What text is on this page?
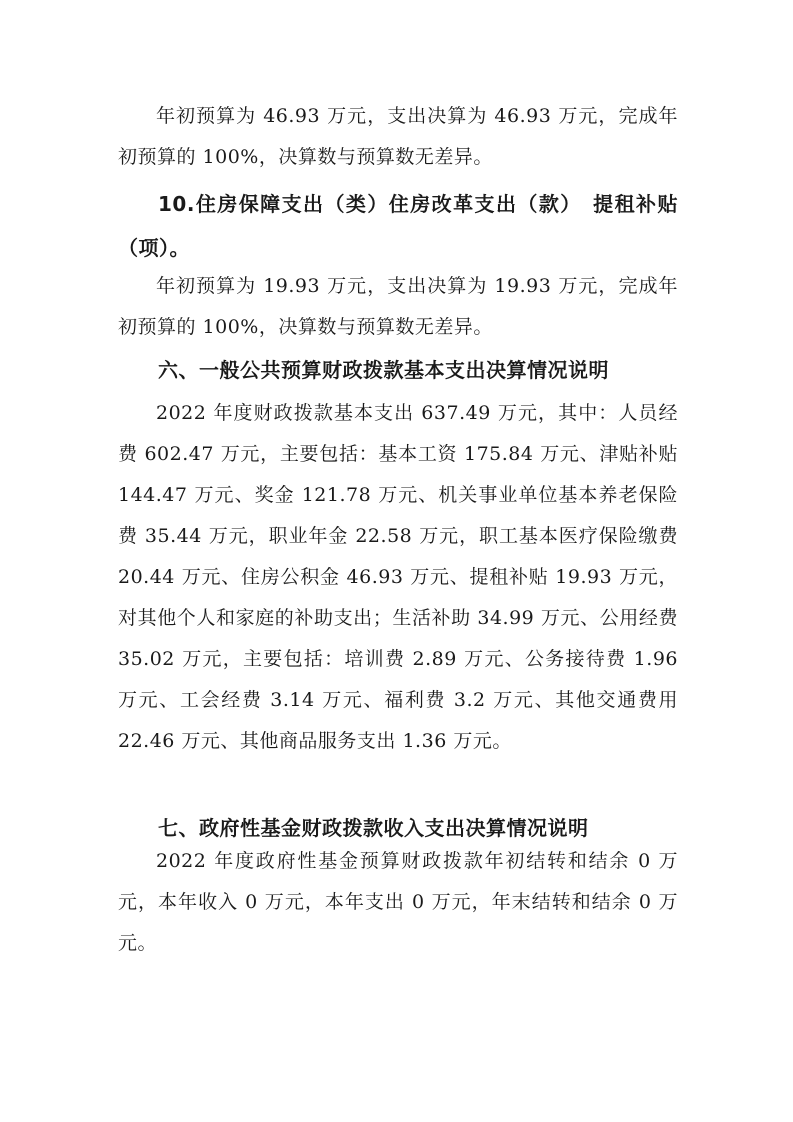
年初预算为 46.93 万元，支出决算为 46.93 万元，完成年初预算的 100%，决算数与预算数无差异。

10.住房保障支出（类）住房改革支出（款）　提租补贴（项）。

年初预算为 19.93 万元，支出决算为 19.93 万元，完成年初预算的 100%，决算数与预算数无差异。

六、一般公共预算财政拨款基本支出决算情况说明

2022 年度财政拨款基本支出 637.49 万元，其中：人员经费 602.47 万元，主要包括：基本工资 175.84 万元、津贴补贴 144.47 万元、奖金 121.78 万元、机关事业单位基本养老保险费 35.44 万元，职业年金 22.58 万元，职工基本医疗保险缴费 20.44 万元、住房公积金 46.93 万元、提租补贴 19.93 万元，对其他个人和家庭的补助支出；生活补助 34.99 万元、公用经费 35.02 万元，主要包括：培训费 2.89 万元、公务接待费 1.96 万元、工会经费 3.14 万元、福利费 3.2 万元、其他交通费用 22.46 万元、其他商品服务支出 1.36 万元。

七、政府性基金财政拨款收入支出决算情况说明

2022 年度政府性基金预算财政拨款年初结转和结余 0 万元，本年收入 0 万元，本年支出 0 万元，年末结转和结余 0 万元。
